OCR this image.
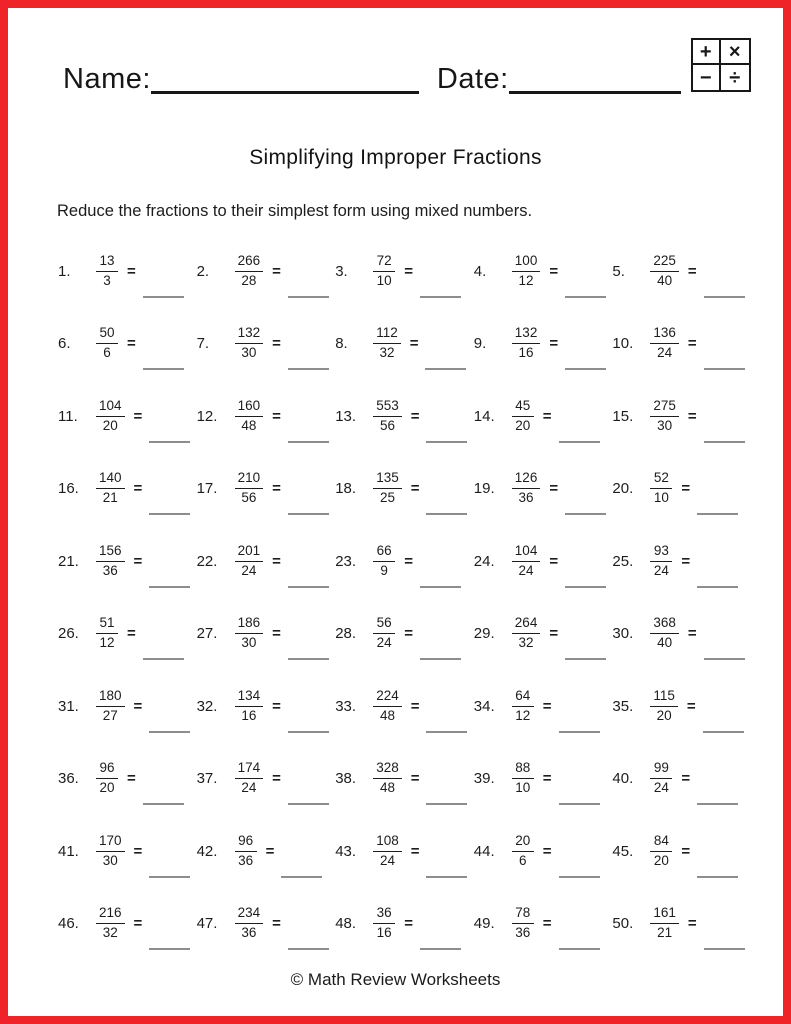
Name:	Date:
+ ×
− ÷
Simplifying Improper Fractions
Reduce the fractions to their simplest form using mixed numbers.
1.	$\frac{13}{3}$ =	2.	$\frac{266}{28}$ =	3.	$\frac{72}{10}$ =	4.	$\frac{100}{12}$ =	5.	$\frac{225}{40}$ =
6.	$\frac{50}{6}$ =	7.	$\frac{132}{30}$ =	8.	$\frac{112}{32}$ =	9.	$\frac{132}{16}$ =	10.	$\frac{136}{24}$ =
11.	$\frac{104}{20}$ =	12.	$\frac{160}{48}$ =	13.	$\frac{553}{56}$ =	14.	$\frac{45}{20}$ =	15.	$\frac{275}{30}$ =
16.	$\frac{140}{21}$ =	17.	$\frac{210}{56}$ =	18.	$\frac{135}{25}$ =	19.	$\frac{126}{36}$ =	20.	$\frac{52}{10}$ =
21.	$\frac{156}{36}$ =	22.	$\frac{201}{24}$ =	23.	$\frac{66}{9}$ =	24.	$\frac{104}{24}$ =	25.	$\frac{93}{24}$ =
26.	$\frac{51}{12}$ =	27.	$\frac{186}{30}$ =	28.	$\frac{56}{24}$ =	29.	$\frac{264}{32}$ =	30.	$\frac{368}{40}$ =
31.	$\frac{180}{27}$ =	32.	$\frac{134}{16}$ =	33.	$\frac{224}{48}$ =	34.	$\frac{64}{12}$ =	35.	$\frac{115}{20}$ =
36.	$\frac{96}{20}$ =	37.	$\frac{174}{24}$ =	38.	$\frac{328}{48}$ =	39.	$\frac{88}{10}$ =	40.	$\frac{99}{24}$ =
41.	$\frac{170}{30}$ =	42.	$\frac{96}{36}$ =	43.	$\frac{108}{24}$ =	44.	$\frac{20}{6}$ =	45.	$\frac{84}{20}$ =
46.	$\frac{216}{32}$ =	47.	$\frac{234}{36}$ =	48.	$\frac{36}{16}$ =	49.	$\frac{78}{36}$ =	50.	$\frac{161}{21}$ =
© Math Review Worksheets
